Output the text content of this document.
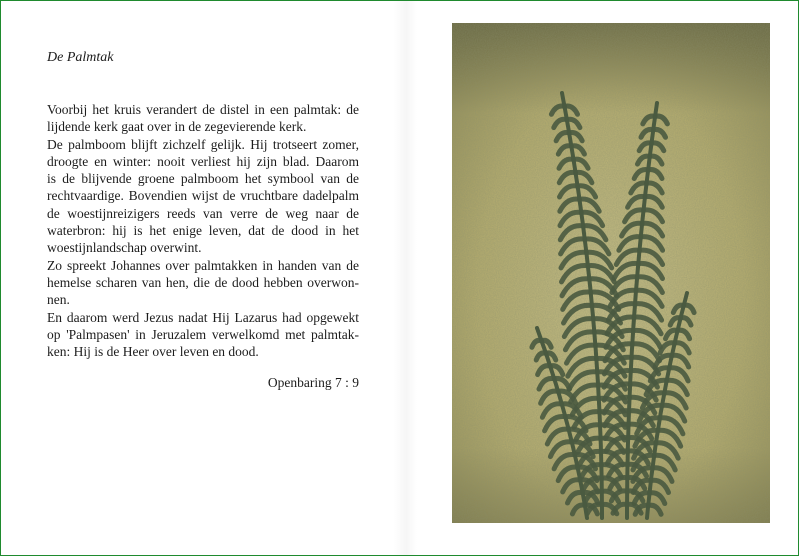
De Palmtak
Voorbij het kruis verandert de distel in een palmtak: de
lijdende kerk gaat over in de zegevierende kerk.
De palmboom blijft zichzelf gelijk. Hij trotseert zomer,
droogte en winter: nooit verliest hij zijn blad. Daarom
is de blijvende groene palmboom het symbool van de
rechtvaardige. Bovendien wijst de vruchtbare dadelpalm
de woestijnreizigers reeds van verre de weg naar de
waterbron: hij is het enige leven, dat de dood in het
woestijnlandschap overwint.
Zo spreekt Johannes over palmtakken in handen van de
hemelse scharen van hen, die de dood hebben overwon-
nen.
En daarom werd Jezus nadat Hij Lazarus had opgewekt
op 'Palmpasen' in Jeruzalem verwelkomd met palmtak-
ken: Hij is de Heer over leven en dood.
Openbaring 7 : 9
